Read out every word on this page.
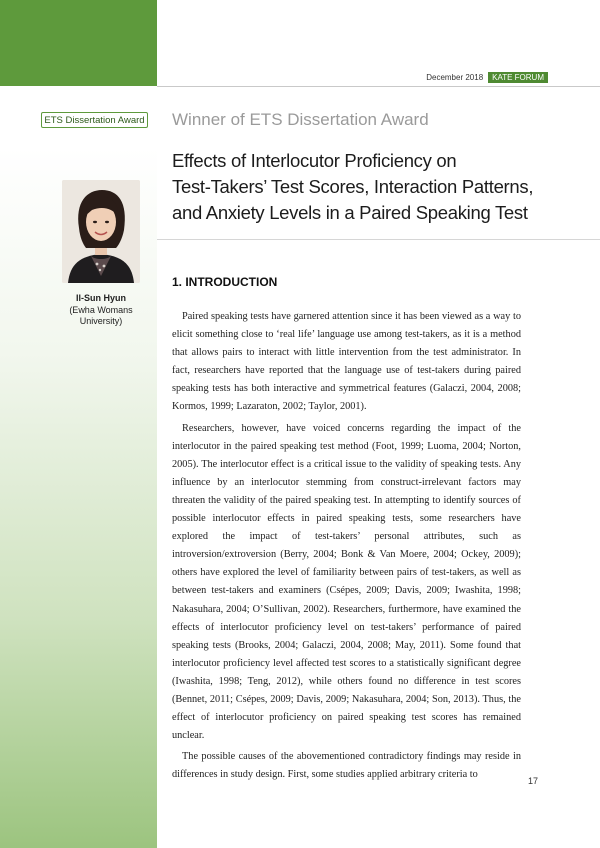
December 2018	KATE FORUM
ETS Dissertation Award Winner of ETS Dissertation Award
Effects of Interlocutor Proficiency on
Test-Takers’ Test Scores, Interaction Patterns,
and Anxiety Levels in a Paired Speaking Test
Il-Sun Hyun
(Ewha Womans University)
1. INTRODUCTION

Paired speaking tests have garnered attention since it has been viewed as a way to elicit something close to ‘real life’ language use among test-takers, as it is a method that allows pairs to interact with little intervention from the test administrator. In fact, researchers have reported that the language use of test-takers during paired speaking tests has both interactive and symmetrical features (Galaczi, 2004, 2008; Kormos, 1999; Lazaraton, 2002; Taylor, 2001).

Researchers, however, have voiced concerns regarding the impact of the interlocutor in the paired speaking test method (Foot, 1999; Luoma, 2004; Norton, 2005). The interlocutor effect is a critical issue to the validity of speaking tests. Any influence by an interlocutor stemming from construct-irrelevant factors may threaten the validity of the paired speaking test. In attempting to identify sources of possible interlocutor effects in paired speaking tests, some researchers have explored the impact of test-takers’ personal attributes, such as introversion/extroversion (Berry, 2004; Bonk & Van Moere, 2004; Ockey, 2009); others have explored the level of familiarity between pairs of test-takers, as well as between test-takers and examiners (Csépes, 2009; Davis, 2009; Iwashita, 1998; Nakasuhara, 2004; O’Sullivan, 2002). Researchers, furthermore, have examined the effects of interlocutor proficiency level on test-takers’ performance of paired speaking tests (Brooks, 2004; Galaczi, 2004, 2008; May, 2011). Some found that interlocutor proficiency level affected test scores to a statistically significant degree (Iwashita, 1998; Teng, 2012), while others found no difference in test scores (Bennet, 2011; Csépes, 2009; Davis, 2009; Nakasuhara, 2004; Son, 2013). Thus, the effect of interlocutor proficiency on paired speaking test scores has remained unclear.

The possible causes of the abovementioned contradictory findings may reside in differences in study design. First, some studies applied arbitrary criteria to

17
